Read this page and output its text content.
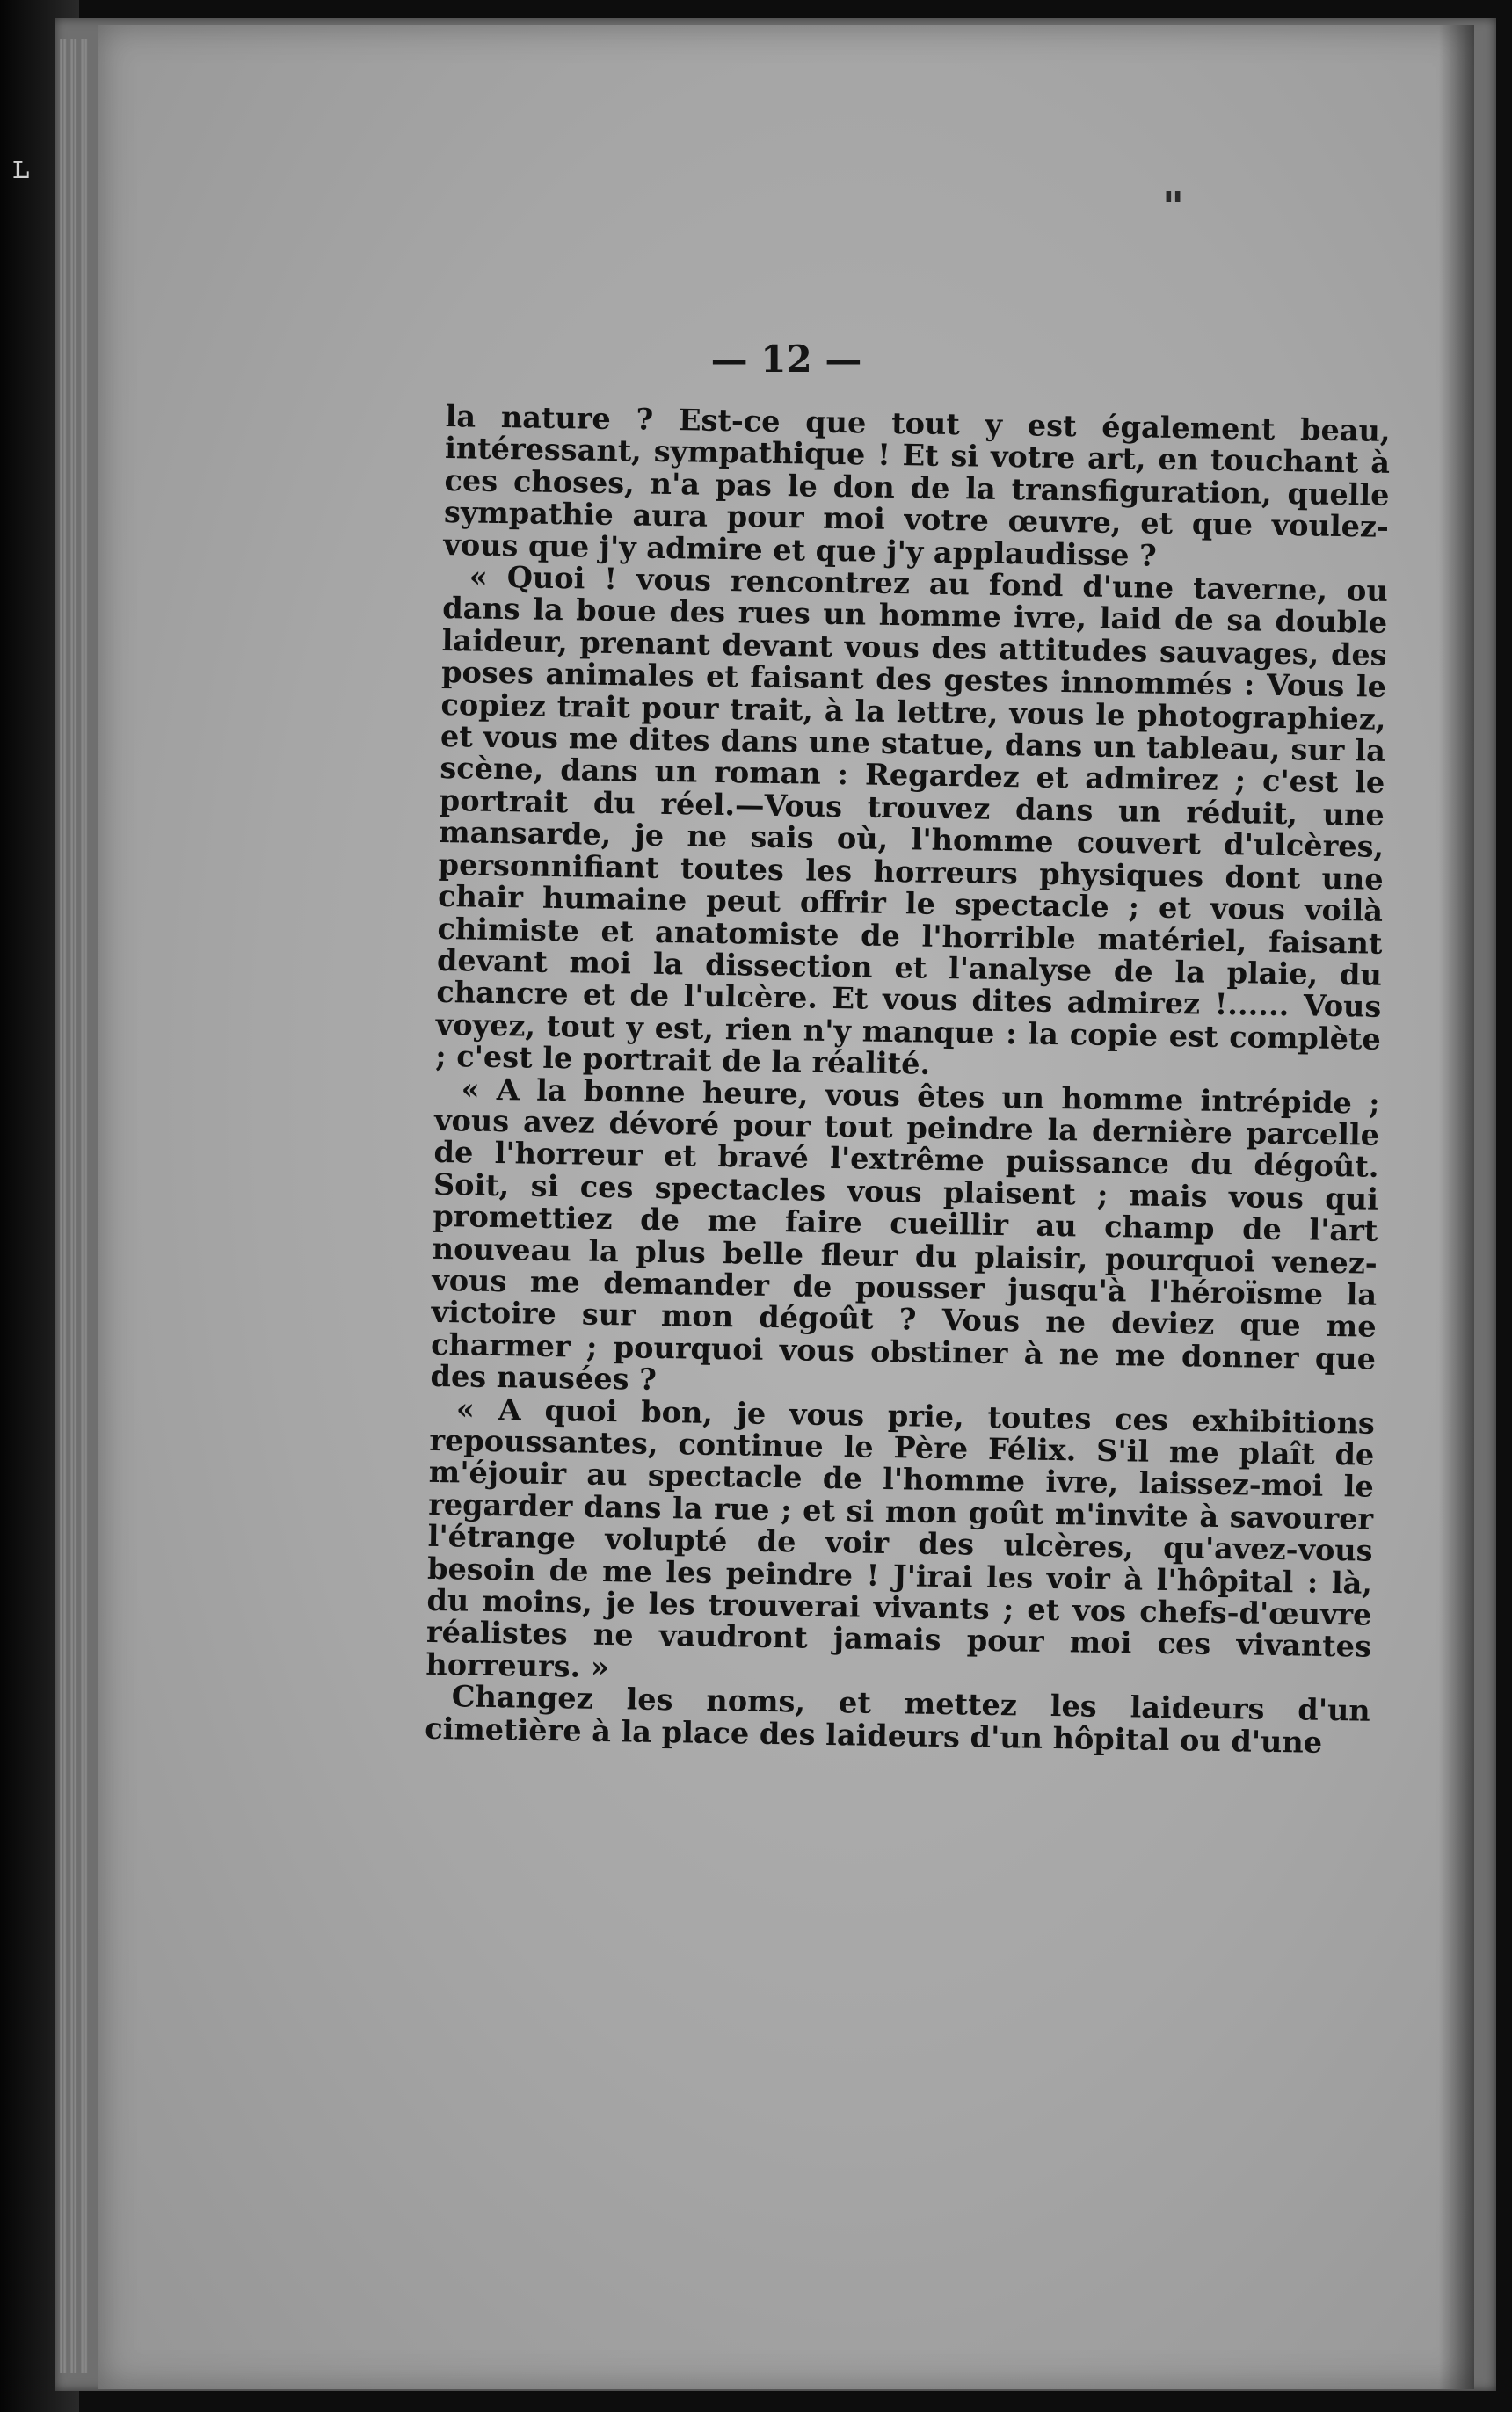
"
— 12 —

la nature ? Est-ce que tout y est également beau, intéressant, sympathique ! Et si votre art, en touchant à ces choses, n'a pas le don de la transfiguration, quelle sympathie aura pour moi votre œuvre, et que voulez-vous que j'y admire et que j'y applaudisse ?

« Quoi ! vous rencontrez au fond d'une taverne, ou dans la boue des rues un homme ivre, laid de sa double laideur, prenant devant vous des attitudes sauvages, des poses animales et faisant des gestes innommés : Vous le copiez trait pour trait, à la lettre, vous le photographiez, et vous me dites dans une statue, dans un tableau, sur la scène, dans un roman : Regardez et admirez ; c'est le portrait du réel.—Vous trouvez dans un réduit, une mansarde, je ne sais où, l'homme couvert d'ulcères, personnifiant toutes les horreurs physiques dont une chair humaine peut offrir le spectacle ; et vous voilà chimiste et anatomiste de l'horrible matériel, faisant devant moi la dissection et l'analyse de la plaie, du chancre et de l'ulcère. Et vous dites admirez !...... Vous voyez, tout y est, rien n'y manque : la copie est complète ; c'est le portrait de la réalité.

« A la bonne heure, vous êtes un homme intrépide ; vous avez dévoré pour tout peindre la dernière parcelle de l'horreur et bravé l'extrême puissance du dégoût. Soit, si ces spectacles vous plaisent ; mais vous qui promettiez de me faire cueillir au champ de l'art nouveau la plus belle fleur du plaisir, pourquoi venez-vous me demander de pousser jusqu'à l'héroïsme la victoire sur mon dégoût ? Vous ne deviez que me charmer ; pourquoi vous obstiner à ne me donner que des nausées ?

« A quoi bon, je vous prie, toutes ces exhibitions repoussantes, continue le Père Félix. S'il me plaît de m'éjouir au spectacle de l'homme ivre, laissez-moi le regarder dans la rue ; et si mon goût m'invite à savourer l'étrange volupté de voir des ulcères, qu'avez-vous besoin de me les peindre ! J'irai les voir à l'hôpital : là, du moins, je les trouverai vivants ; et vos chefs-d'œuvre réalistes ne vaudront jamais pour moi ces vivantes horreurs. »

Changez les noms, et mettez les laideurs d'un cimetière à la place des laideurs d'un hôpital ou d'une

ʟ
